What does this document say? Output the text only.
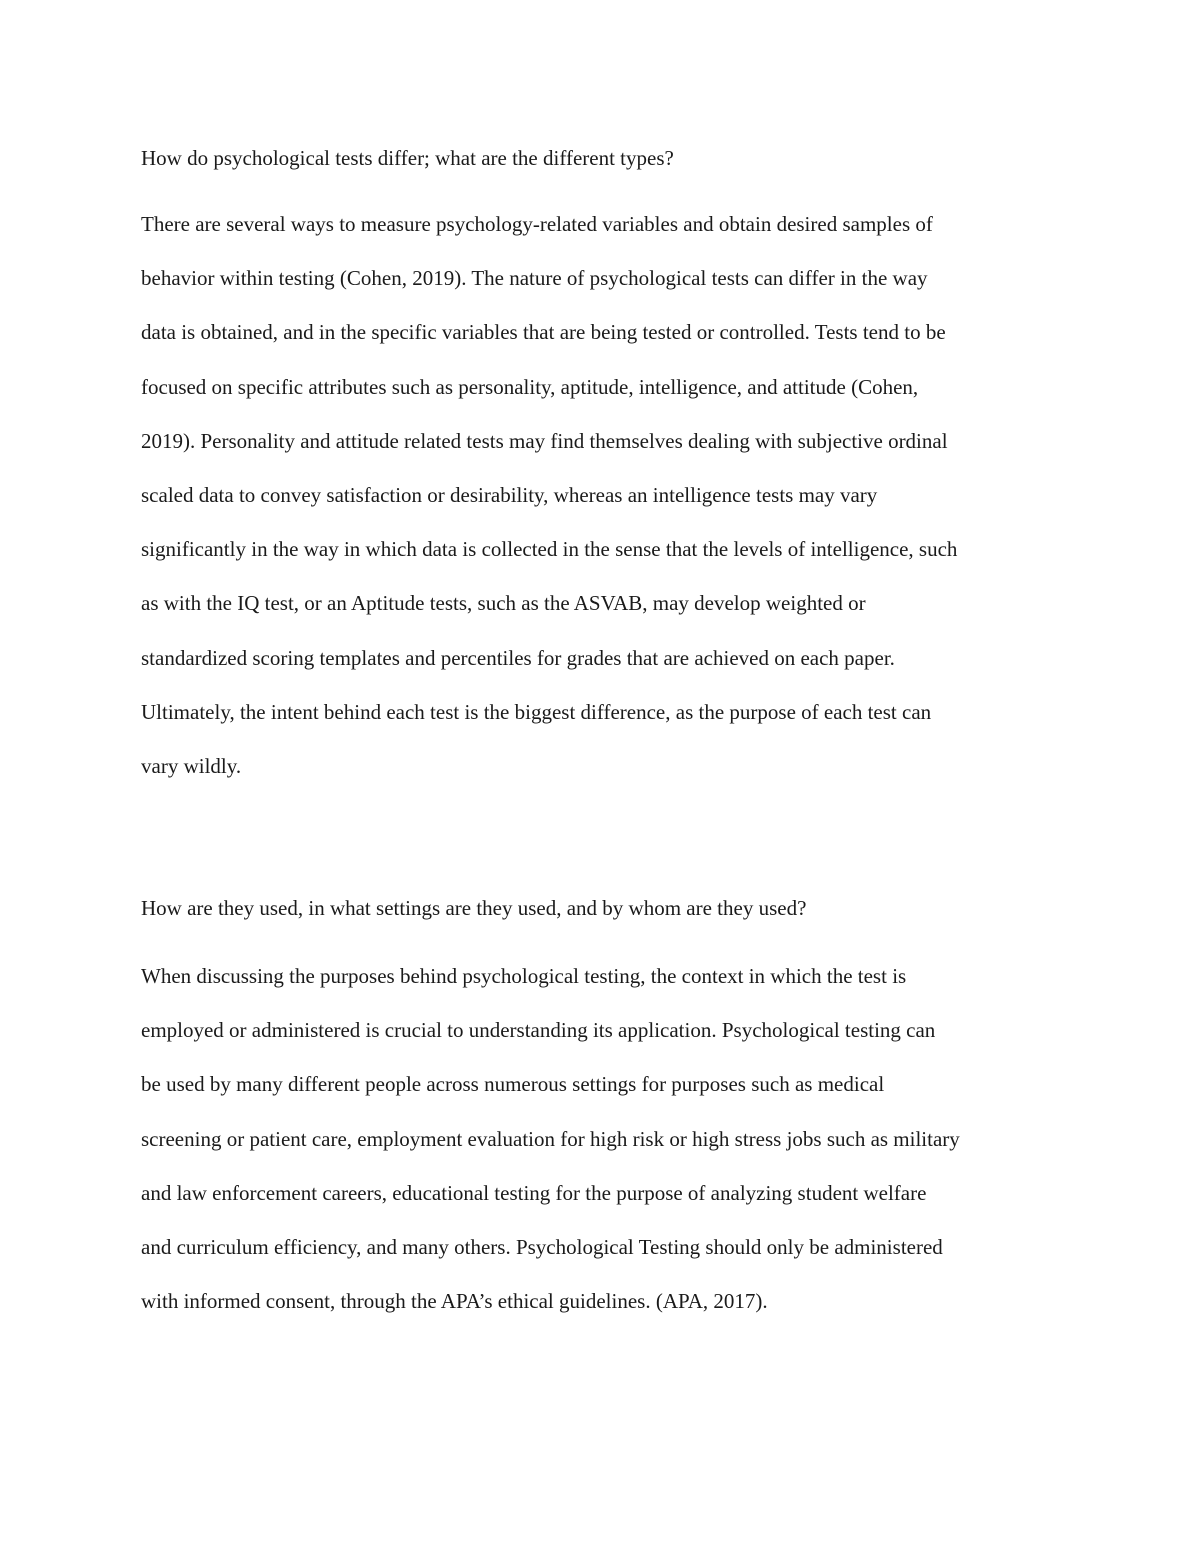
How do psychological tests differ; what are the different types?

There are several ways to measure psychology-related variables and obtain desired samples of
behavior within testing (Cohen, 2019). The nature of psychological tests can differ in the way
data is obtained, and in the specific variables that are being tested or controlled. Tests tend to be
focused on specific attributes such as personality, aptitude, intelligence, and attitude (Cohen,
2019). Personality and attitude related tests may find themselves dealing with subjective ordinal
scaled data to convey satisfaction or desirability, whereas an intelligence tests may vary
significantly in the way in which data is collected in the sense that the levels of intelligence, such
as with the IQ test, or an Aptitude tests, such as the ASVAB, may develop weighted or
standardized scoring templates and percentiles for grades that are achieved on each paper.
Ultimately, the intent behind each test is the biggest difference, as the purpose of each test can
vary wildly.

How are they used, in what settings are they used, and by whom are they used?

When discussing the purposes behind psychological testing, the context in which the test is
employed or administered is crucial to understanding its application. Psychological testing can
be used by many different people across numerous settings for purposes such as medical
screening or patient care, employment evaluation for high risk or high stress jobs such as military
and law enforcement careers, educational testing for the purpose of analyzing student welfare
and curriculum efficiency, and many others. Psychological Testing should only be administered
with informed consent, through the APA’s ethical guidelines. (APA, 2017).
